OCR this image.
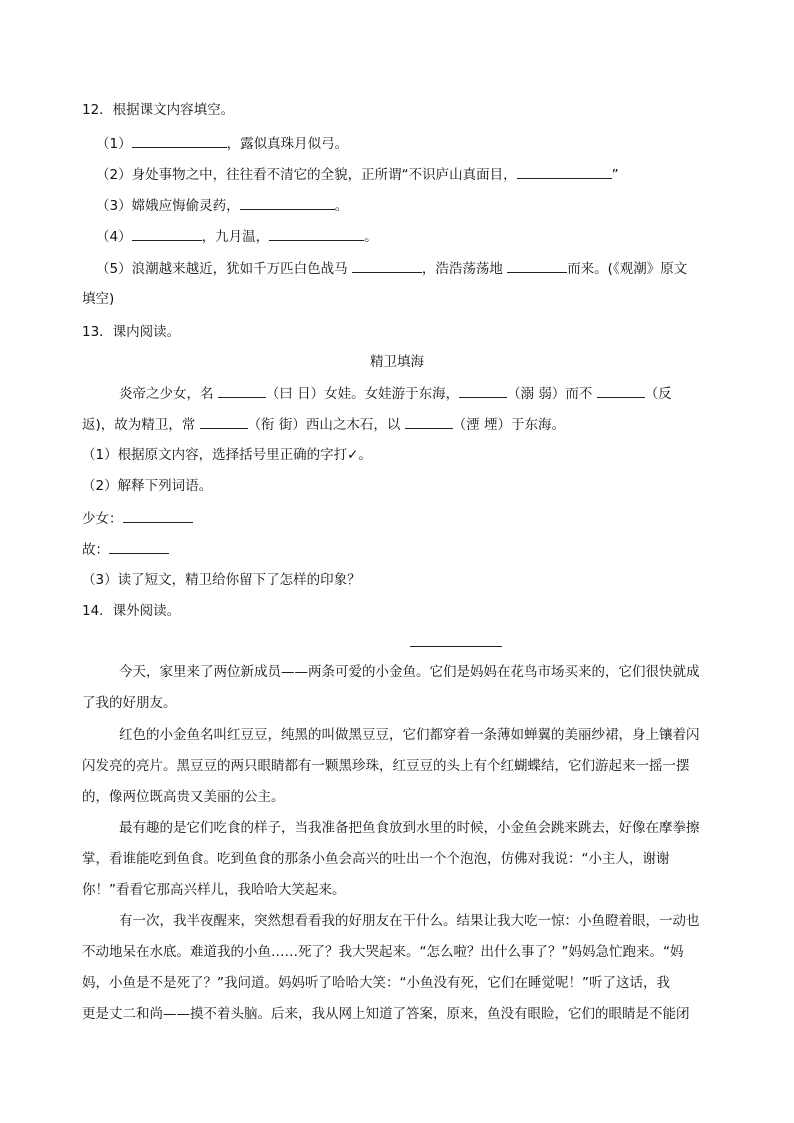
12．根据课文内容填空。
（1）	，露似真珠月似弓。
（2）身处事物之中，往往看不清它的全貌，正所谓“不识庐山真面目，	”
（3）嫦娥应悔偷灵药，	。
（4）	，九月温，	。
（5）浪潮越来越近，犹如千万匹白色战马	，浩浩荡荡地	而来。(《观潮》原文
填空)
13．课内阅读。
精卫填海
炎帝之少女，名	（曰 日）女娃。女娃游于东海，	（溺 弱）而不	（反
返)，故为精卫，常	（衔 街）西山之木石，以	（湮 堙）于东海。
（1）根据原文内容，选择括号里正确的字打✓。
（2）解释下列词语。
少女：
故：
（3）读了短文，精卫给你留下了怎样的印象？
14．课外阅读。
今天，家里来了两位新成员——两条可爱的小金鱼。它们是妈妈在花鸟市场买来的，它们很快就成
了我的好朋友。
红色的小金鱼名叫红豆豆，纯黑的叫做黑豆豆，它们都穿着一条薄如蝉翼的美丽纱裙，身上镶着闪
闪发亮的亮片。黑豆豆的两只眼睛都有一颗黑珍珠，红豆豆的头上有个红蝴蝶结，它们游起来一摇一摆
的，像两位既高贵又美丽的公主。
最有趣的是它们吃食的样子，当我准备把鱼食放到水里的时候，小金鱼会跳来跳去，好像在摩拳擦
掌，看谁能吃到鱼食。吃到鱼食的那条小鱼会高兴的吐出一个个泡泡，仿佛对我说：“小主人，谢谢
你！”看看它那高兴样儿，我哈哈大笑起来。
有一次，我半夜醒来，突然想看看我的好朋友在干什么。结果让我大吃一惊：小鱼瞪着眼，一动也
不动地呆在水底。难道我的小鱼……死了？我大哭起来。“怎么啦？出什么事了？”妈妈急忙跑来。“妈
妈，小鱼是不是死了？”我问道。妈妈听了哈哈大笑：“小鱼没有死，它们在睡觉呢！”听了这话，我
更是丈二和尚——摸不着头脑。后来，我从网上知道了答案，原来，鱼没有眼睑，它们的眼睛是不能闭
